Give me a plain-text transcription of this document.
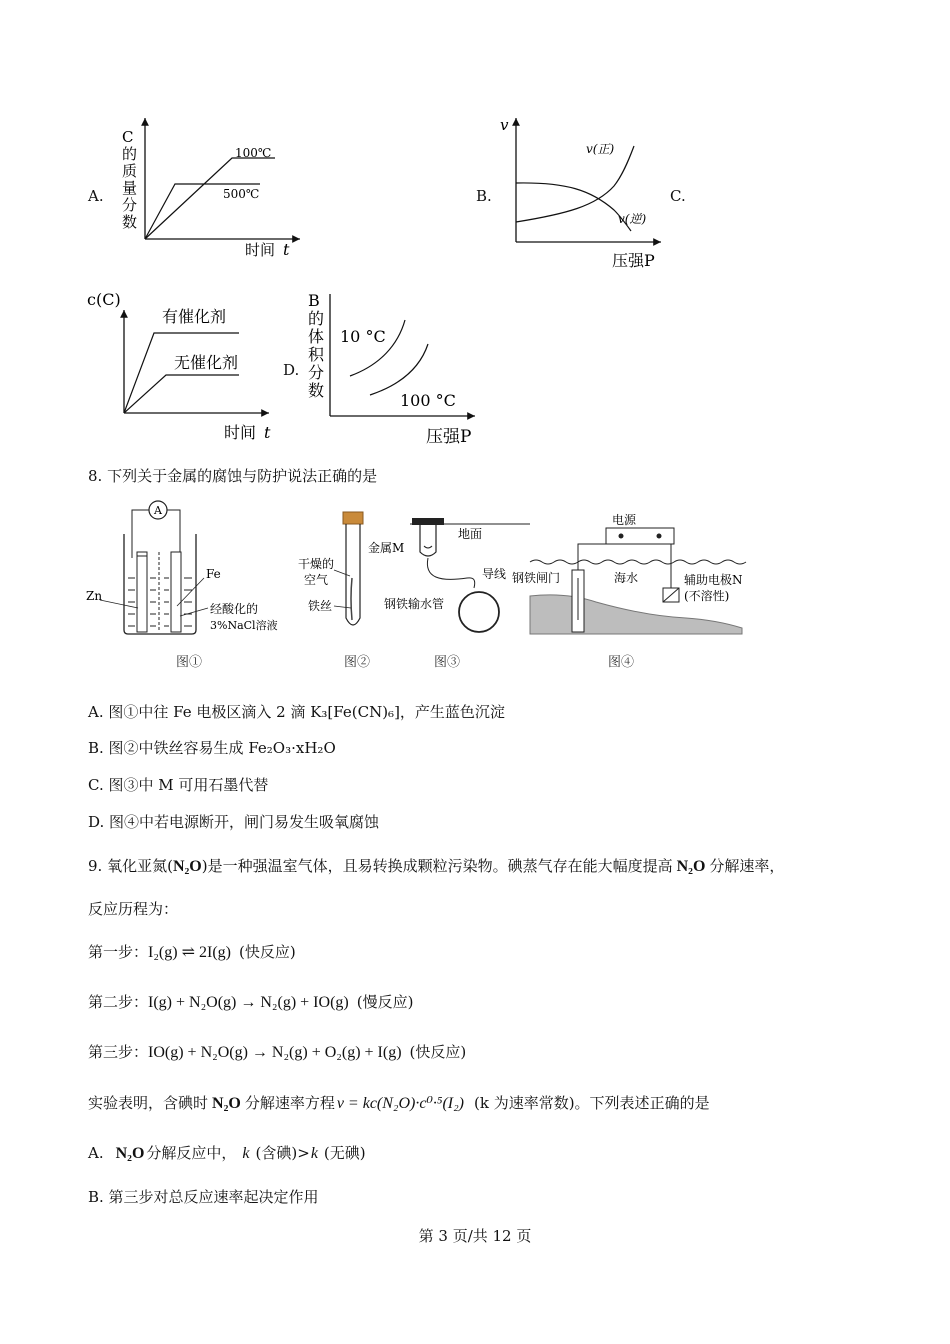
A.
C
的
质
量
分
数
100℃
500℃
时间 t
B.
v
v(正)
v(逆)
压强P
C.
c(C)
有催化剂
无催化剂
时间 t
D.
B
的
体
积
分
数
10 °C
100 °C
压强P
8. 下列关于金属的腐蚀与防护说法正确的是
A
Zn
Fe
经酸化的
3%NaCl溶液
图①
干燥的
空气
铁丝
图②
地面
金属M
导线
钢铁输水管
图③
电源
钢铁闸门	海水	辅助电极N
(不溶性)
图④
A. 图①中往 Fe 电极区滴入 2 滴 K₃[Fe(CN)₆]，产生蓝色沉淀
B. 图②中铁丝容易生成 Fe₂O₃·xH₂O
C. 图③中 M 可用石墨代替
D. 图④中若电源断开，闸门易发生吸氧腐蚀
9. 氧化亚氮(N₂O)是一种强温室气体，且易转换成颗粒污染物。碘蒸气存在能大幅度提高 N₂O 分解速率，
反应历程为：
第一步：I₂(g) ⇌ 2I(g) (快反应)
第二步：I(g) + N₂O(g) → N₂(g) + IO(g) (慢反应)
第三步：IO(g) + N₂O(g) → N₂(g) + O₂(g) + I(g) (快反应)
实验表明，含碘时 N₂O 分解速率方程 v = kc(N₂O)·c⁰·⁵(I₂) (k 为速率常数)。下列表述正确的是
A. N₂O 分解反应中， k (含碘)>k (无碘)
B. 第三步对总反应速率起决定作用
第 3 页/共 12 页
